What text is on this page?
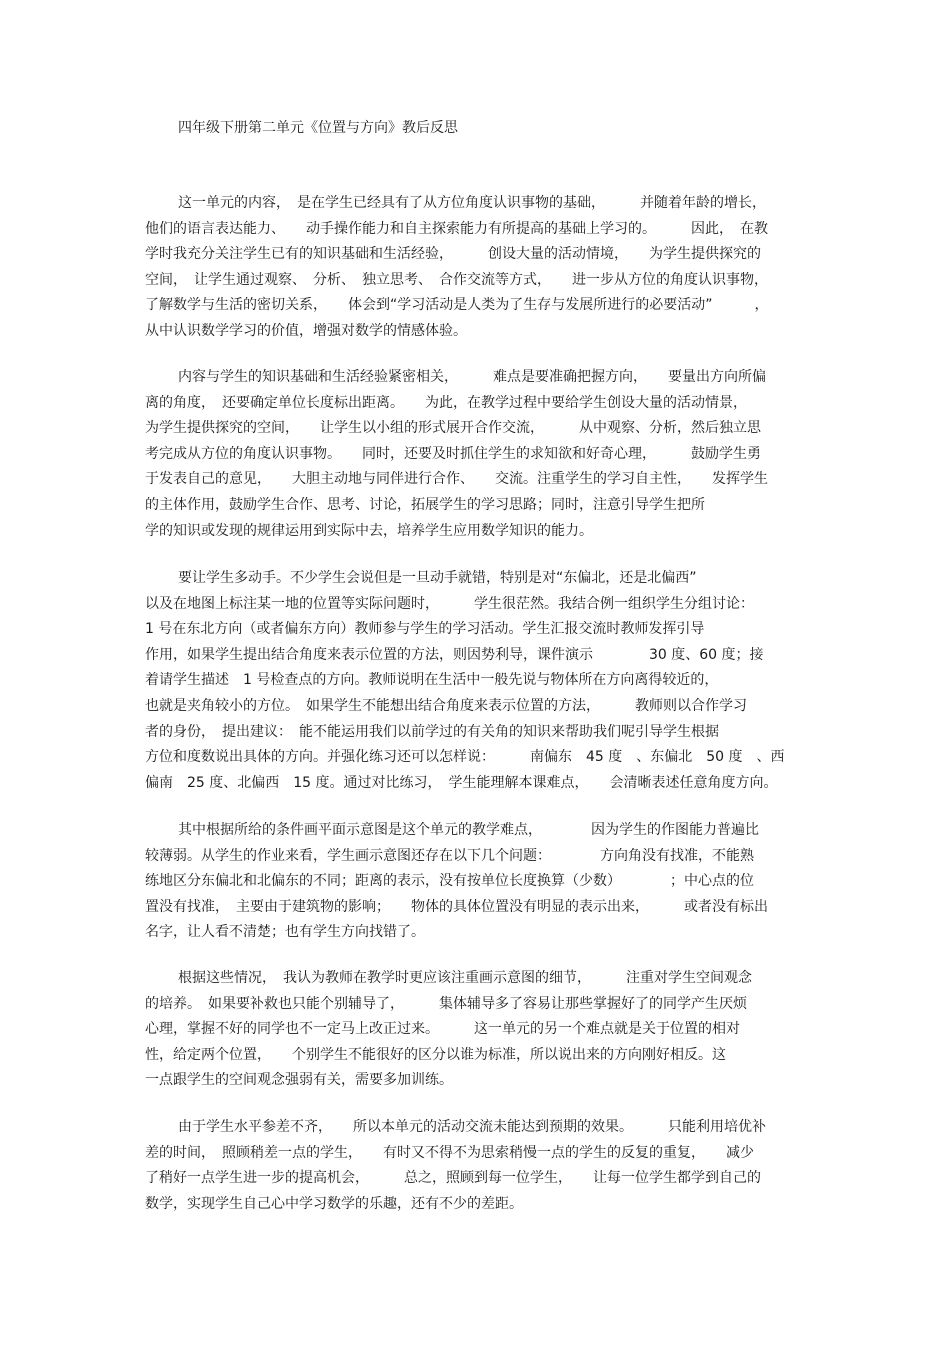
四年级下册第二单元《位置与方向》教后反思
这一单元的内容，　是在学生已经具有了从方位角度认识事物的基础，　　　并随着年龄的增长，
他们的语言表达能力、　　动手操作能力和自主探索能力有所提高的基础上学习的。　　　因此，　在教
学时我充分关注学生已有的知识基础和生活经验，　　　创设大量的活动情境，　　为学生提供探究的
空间，　让学生通过观察、　分析、　独立思考、　合作交流等方式，　　进一步从方位的角度认识事物，
了解数学与生活的密切关系，　　体会到“学习活动是人类为了生存与发展所进行的必要活动”　　　，
从中认识数学学习的价值，增强对数学的情感体验。
内容与学生的知识基础和生活经验紧密相关，　　　难点是要准确把握方向，　　要量出方向所偏
离的角度，　还要确定单位长度标出距离。　　为此，在教学过程中要给学生创设大量的活动情景，
为学生提供探究的空间，　　让学生以小组的形式展开合作交流，　　　从中观察、分析，然后独立思
考完成从方位的角度认识事物。　　同时，还要及时抓住学生的求知欲和好奇心理，　　　鼓励学生勇
于发表自己的意见，　　大胆主动地与同伴进行合作、　　交流。注重学生的学习自主性，　　发挥学生
的主体作用，鼓励学生合作、思考、讨论，拓展学生的学习思路；同时，注意引导学生把所
学的知识或发现的规律运用到实际中去，培养学生应用数学知识的能力。
要让学生多动手。不少学生会说但是一旦动手就错，特别是对“东偏北，还是北偏西”
以及在地图上标注某一地的位置等实际问题时，　　　学生很茫然。我结合例一组织学生分组讨论：
1 号在东北方向（或者偏东方向）教师参与学生的学习活动。学生汇报交流时教师发挥引导
作用，如果学生提出结合角度来表示位置的方法，则因势利导，课件演示　　　　30 度、60 度；接
着请学生描述　1 号检查点的方向。教师说明在生活中一般先说与物体所在方向离得较近的，
也就是夹角较小的方位。　如果学生不能想出结合角度来表示位置的方法，　　　教师则以合作学习
者的身份，　提出建议：　能不能运用我们以前学过的有关角的知识来帮助我们呢引导学生根据
方位和度数说出具体的方向。并强化练习还可以怎样说：　　　南偏东　45 度　、东偏北　50 度　、西
偏南　25 度、北偏西　15 度。通过对比练习，　学生能理解本课难点，　　会清晰表述任意角度方向。
其中根据所给的条件画平面示意图是这个单元的教学难点，　　　　因为学生的作图能力普遍比
较薄弱。从学生的作业来看，学生画示意图还存在以下几个问题：　　　　方向角没有找准，不能熟
练地区分东偏北和北偏东的不同；距离的表示，没有按单位长度换算（少数）　　　　；中心点的位
置没有找准，　主要由于建筑物的影响；　　物体的具体位置没有明显的表示出来，　　　或者没有标出
名字，让人看不清楚；也有学生方向找错了。
根据这些情况，　我认为教师在教学时更应该注重画示意图的细节，　　　注重对学生空间观念
的培养。　如果要补救也只能个别辅导了，　　　集体辅导多了容易让那些掌握好了的同学产生厌烦
心理，掌握不好的同学也不一定马上改正过来。　　　这一单元的另一个难点就是关于位置的相对
性，给定两个位置，　　个别学生不能很好的区分以谁为标准，所以说出来的方向刚好相反。这
一点跟学生的空间观念强弱有关，需要多加训练。
由于学生水平参差不齐，　　所以本单元的活动交流未能达到预期的效果。　　　只能利用培优补
差的时间，　照顾稍差一点的学生，　　有时又不得不为思索稍慢一点的学生的反复的重复，　　减少
了稍好一点学生进一步的提高机会，　　　总之，照顾到每一位学生，　　让每一位学生都学到自己的
数学，实现学生自己心中学习数学的乐趣，还有不少的差距。
